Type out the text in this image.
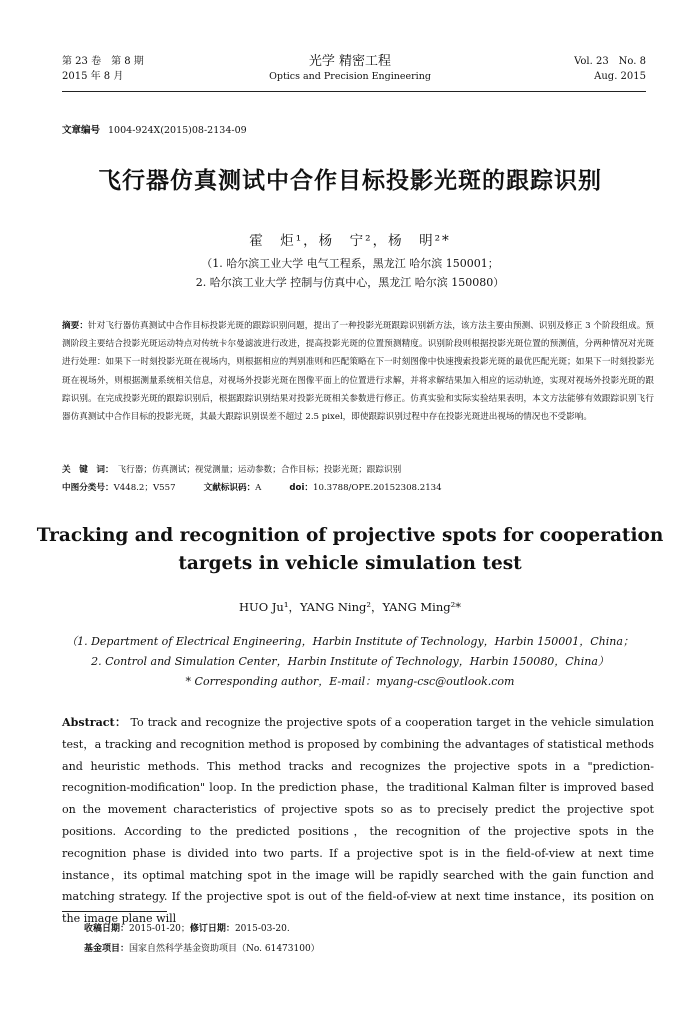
第 23 卷　第 8 期
2015 年 8 月
光学 精密工程
Optics and Precision Engineering
Vol. 23　No. 8
Aug. 2015
文章编号 1004-924X(2015)08-2134-09
飞行器仿真测试中合作目标投影光斑的跟踪识别
霍　炬¹，杨　宁²，杨　明²*
（1. 哈尔滨工业大学 电气工程系，黑龙江 哈尔滨 150001；
2. 哈尔滨工业大学 控制与仿真中心，黑龙江 哈尔滨 150080）
摘要：针对飞行器仿真测试中合作目标投影光斑的跟踪识别问题，提出了一种投影光斑跟踪识别新方法，该方法主要由预测、识别及修正 3 个阶段组成。预测阶段主要结合投影光斑运动特点对传统卡尔曼滤波进行改进，提高投影光斑的位置预测精度。识别阶段则根据投影光斑位置的预测值，分两种情况对光斑进行处理：如果下一时刻投影光斑在视场内，则根据相应的判别准则和匹配策略在下一时刻图像中快速搜索投影光斑的最优匹配光斑；如果下一时刻投影光斑在视场外，则根据测量系统相关信息，对视场外投影光斑在图像平面上的位置进行求解，并将求解结果加入相应的运动轨迹，实现对视场外投影光斑的跟踪识别。在完成投影光斑的跟踪识别后，根据跟踪识别结果对投影光斑相关参数进行修正。仿真实验和实际实验结果表明，本文方法能够有效跟踪识别飞行器仿真测试中合作目标的投影光斑，其最大跟踪识别误差不超过 2.5 pixel，即使跟踪识别过程中存在投影光斑进出视场的情况也不受影响。
关　键　词： 飞行器；仿真测试；视觉测量；运动参数；合作目标；投影光斑；跟踪识别
中图分类号：V448.2；V557	文献标识码：A	doi：10.3788/OPE.20152308.2134
Tracking and recognition of projective spots for cooperation targets in vehicle simulation test
HUO Ju¹，YANG Ning²，YANG Ming²*
（1. Department of Electrical Engineering，Harbin Institute of Technology，Harbin 150001，China；
2. Control and Simulation Center，Harbin Institute of Technology，Harbin 150080，China）
* Corresponding author，E-mail：myang-csc@outlook.com
Abstract： To track and recognize the projective spots of a cooperation target in the vehicle simulation test，a tracking and recognition method is proposed by combining the advantages of statistical methods and heuristic methods. This method tracks and recognizes the projective spots in a "prediction-recognition-modification" loop. In the prediction phase，the traditional Kalman filter is improved based on the movement characteristics of projective spots so as to precisely predict the projective spot positions. According to the predicted positions，the recognition of the projective spots in the recognition phase is divided into two parts. If a projective spot is in the field-of-view at next time instance，its optimal matching spot in the image will be rapidly searched with the gain function and matching strategy. If the projective spot is out of the field-of-view at next time instance，its position on the image plane will
收稿日期：2015-01-20；修订日期：2015-03-20.
基金项目：国家自然科学基金资助项目（No. 61473100）
